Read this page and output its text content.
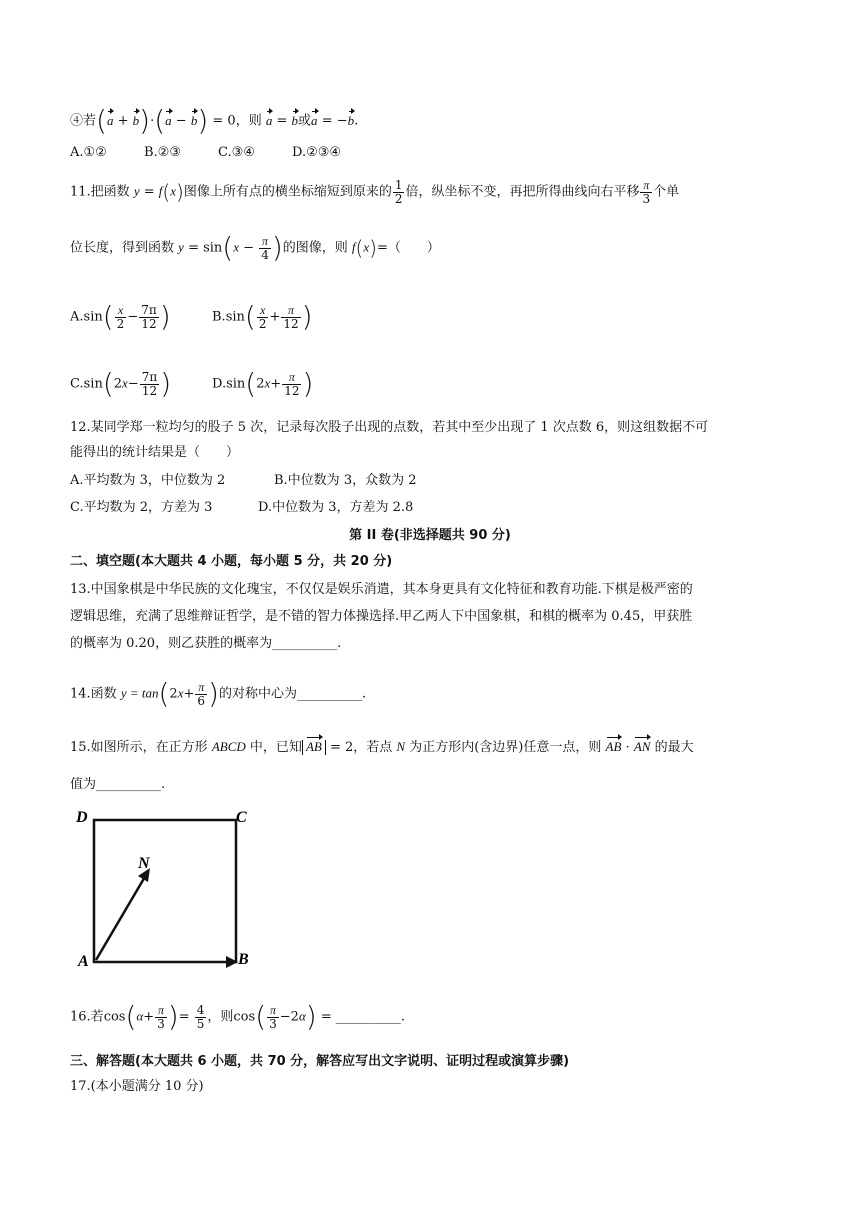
④若(a + b)·(a − b) = 0，则 a = b或a = −b.
A.①②	B.②③	C.③④	D.②③④
11.把函数 y = f(x)图像上所有点的横坐标缩短到原来的 $\frac{1}{2}$ 倍，纵坐标不变，再把所得曲线向右平移 $\frac{\pi}{3}$ 个单
位长度，得到函数 $y = \sin(x - \frac{\pi}{4}$ )的图像，则 f(x)=（　　）
$A.\sin( \frac{x}{2} - \frac{7\pi}{12}$ )	$B.\sin( \frac{x}{2} + \frac{\pi}{12}$ )
$C.\sin(2x- \frac{7\pi}{12}$ )	$D.\sin(2x+ \frac{\pi}{12}$ )
12.某同学郑一粒均匀的股子 5 次，记录每次股子出现的点数，若其中至少出现了 1 次点数 6，则这组数据不可
能得出的统计结果是（　　）
A.平均数为 3，中位数为 2	B.中位数为 3，众数为 2
C.平均数为 2，方差为 3	D.中位数为 3，方差为 2.8
第 II 卷(非选择题共 90 分)
二、填空题(本大题共 4 小题，每小题 5 分，共 20 分)
13.中国象棋是中华民族的文化瑰宝，不仅仅是娱乐消遣，其本身更具有文化特征和教育功能.下棋是极严密的
逻辑思维，充满了思维辩证哲学，是不错的智力体操选择.甲乙两人下中国象棋，和棋的概率为 0.45，甲获胜
的概率为 0.20，则乙获胜的概率为__________.
14.函数 $y = \tan(2x+ \frac{\pi}{6}$ )的对称中心为__________.
15.如图所示，在正方形 ABCD 中，已知 AB = 2，若点 N 为正方形内(含边界)任意一点，则 AB · AN 的最大
值为__________.
D	C
A	B
N
16.若$\cos(\alpha+ \frac{\pi}{3}$ )= $\frac{4}{5}$ ，则$\cos( \frac{\pi}{3} -2\alpha)$ = __________.
三、解答题(本大题共 6 小题，共 70 分，解答应写出文字说明、证明过程或演算步骤)
17.(本小题满分 10 分)
